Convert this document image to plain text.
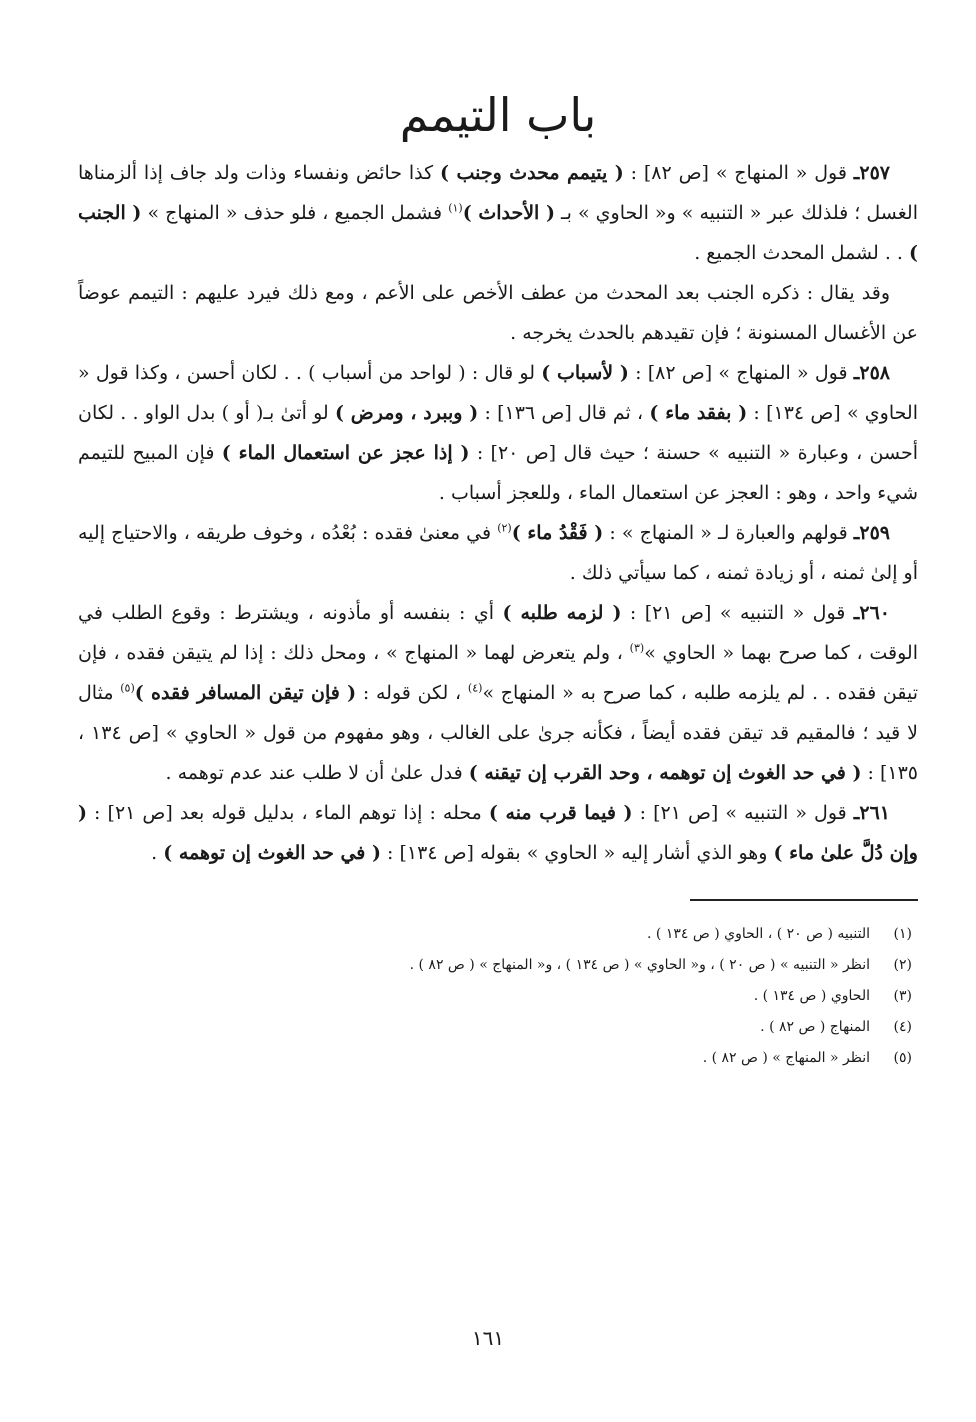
باب التيمم

٢٥٧ـ قول « المنهاج » [ص ٨٢] : ( يتيمم محدث وجنب ) كذا حائض ونفساء وذات ولد جاف إذا ألزمناها الغسل ؛ فلذلك عبر « التنبيه » و« الحاوي » بـ ( الأحداث )$^{(١)}$ فشمل الجميع ، فلو حذف « المنهاج » ( الجنب ) . . لشمل المحدث الجميع .

وقد يقال : ذكره الجنب بعد المحدث من عطف الأخص على الأعم ، ومع ذلك فيرد عليهم : التيمم عوضاً عن الأغسال المسنونة ؛ فإن تقيدهم بالحدث يخرجه .

٢٥٨ـ قول « المنهاج » [ص ٨٢] : ( لأسباب ) لو قال : ( لواحد من أسباب ) . . لكان أحسن ، وكذا قول « الحاوي » [ص ١٣٤] : ( بفقد ماء ) ، ثم قال [ص ١٣٦] : ( وببرد ، ومرض ) لو أتىٰ بـ( أو ) بدل الواو . . لكان أحسن ، وعبارة « التنبيه » حسنة ؛ حيث قال [ص ٢٠] : ( إذا عجز عن استعمال الماء ) فإن المبيح للتيمم شيء واحد ، وهو : العجز عن استعمال الماء ، وللعجز أسباب .

٢٥٩ـ قولهم والعبارة لـ « المنهاج » : ( فَقْدُ ماء )$^{(٢)}$ في معنىٰ فقده : بُعْدُه ، وخوف طريقه ، والاحتياج إليه أو إلىٰ ثمنه ، أو زيادة ثمنه ، كما سيأتي ذلك .

٢٦٠ـ قول « التنبيه » [ص ٢١] : ( لزمه طلبه ) أي : بنفسه أو مأذونه ، ويشترط : وقوع الطلب في الوقت ، كما صرح بهما « الحاوي »$^{(٣)}$ ، ولم يتعرض لهما « المنهاج » ، ومحل ذلك : إذا لم يتيقن فقده ، فإن تيقن فقده . . لم يلزمه طلبه ، كما صرح به « المنهاج »$^{(٤)}$ ، لكن قوله : ( فإن تيقن المسافر فقده )$^{(٥)}$ مثال لا قيد ؛ فالمقيم قد تيقن فقده أيضاً ، فكأنه جرىٰ على الغالب ، وهو مفهوم من قول « الحاوي » [ص ١٣٤ ، ١٣٥] : ( في حد الغوث إن توهمه ، وحد القرب إن تيقنه ) فدل علىٰ أن لا طلب عند عدم توهمه .

٢٦١ـ قول « التنبيه » [ص ٢١] : ( فيما قرب منه ) محله : إذا توهم الماء ، بدليل قوله بعد [ص ٢١] : ( وإن دُلَّ علىٰ ماء ) وهو الذي أشار إليه « الحاوي » بقوله [ص ١٣٤] : ( في حد الغوث إن توهمه ) .

(١)التنبيه ( ص ٢٠ ) ، الحاوي ( ص ١٣٤ ) .

(٢)انظر « التنبيه » ( ص ٢٠ ) ، و« الحاوي » ( ص ١٣٤ ) ، و« المنهاج » ( ص ٨٢ ) .

(٣)الحاوي ( ص ١٣٤ ) .

(٤)المنهاج ( ص ٨٢ ) .

(٥)انظر « المنهاج » ( ص ٨٢ ) .

١٦١
